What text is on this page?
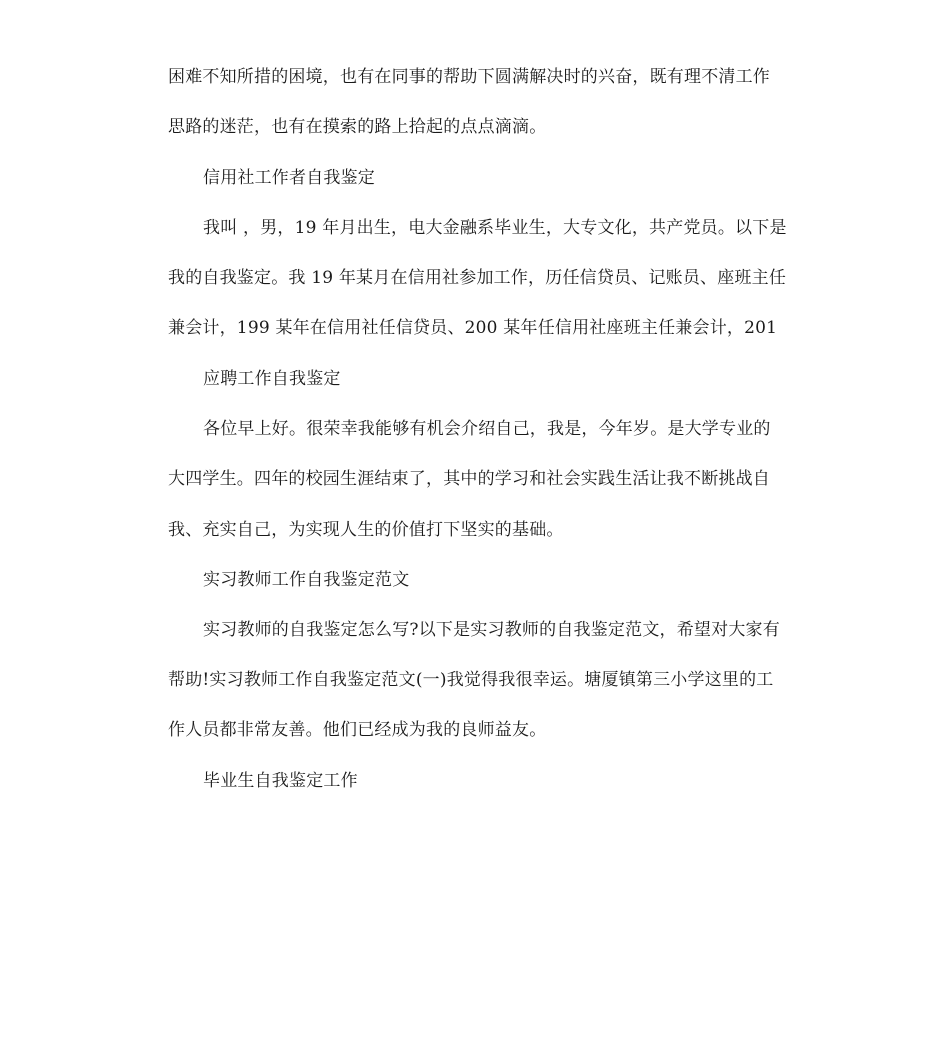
困难不知所措的困境，也有在同事的帮助下圆满解决时的兴奋，既有理不清工作
思路的迷茫，也有在摸索的路上拾起的点点滴滴。
信用社工作者自我鉴定
我叫 ，男，19 年月出生，电大金融系毕业生，大专文化，共产党员。以下是
我的自我鉴定。我 19 年某月在信用社参加工作，历任信贷员、记账员、座班主任
兼会计，199 某年在信用社任信贷员、200 某年任信用社座班主任兼会计，201
应聘工作自我鉴定
各位早上好。很荣幸我能够有机会介绍自己，我是，今年岁。是大学专业的
大四学生。四年的校园生涯结束了，其中的学习和社会实践生活让我不断挑战自
我、充实自己，为实现人生的价值打下坚实的基础。
实习教师工作自我鉴定范文
实习教师的自我鉴定怎么写?以下是实习教师的自我鉴定范文，希望对大家有
帮助!实习教师工作自我鉴定范文(一)我觉得我很幸运。塘厦镇第三小学这里的工
作人员都非常友善。他们已经成为我的良师益友。
毕业生自我鉴定工作
